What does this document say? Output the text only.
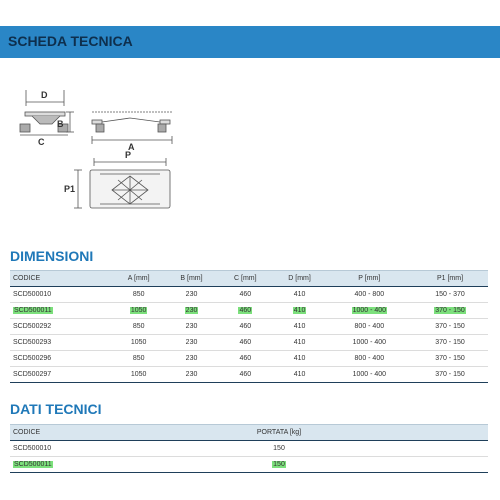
SCHEDA TECNICA
D
B
C	A
P
P1
DIMENSIONI
CODICE	A [mm]	B [mm]	C [mm]	D [mm]	P [mm]	P1 [mm]
SCD500010	850	230	460	410	400 - 800	150 - 370
SCD500011	1050	230	460	410	1000 - 400	370 - 150
SCD500292	850	230	460	410	800 - 400	370 - 150
SCD500293	1050	230	460	410	1000 - 400	370 - 150
SCD500296	850	230	460	410	800 - 400	370 - 150
SCD500297	1050	230	460	410	1000 - 400	370 - 150
DATI TECNICI
CODICE	PORTATA [kg]
SCD500010	150
SCD500011	150
